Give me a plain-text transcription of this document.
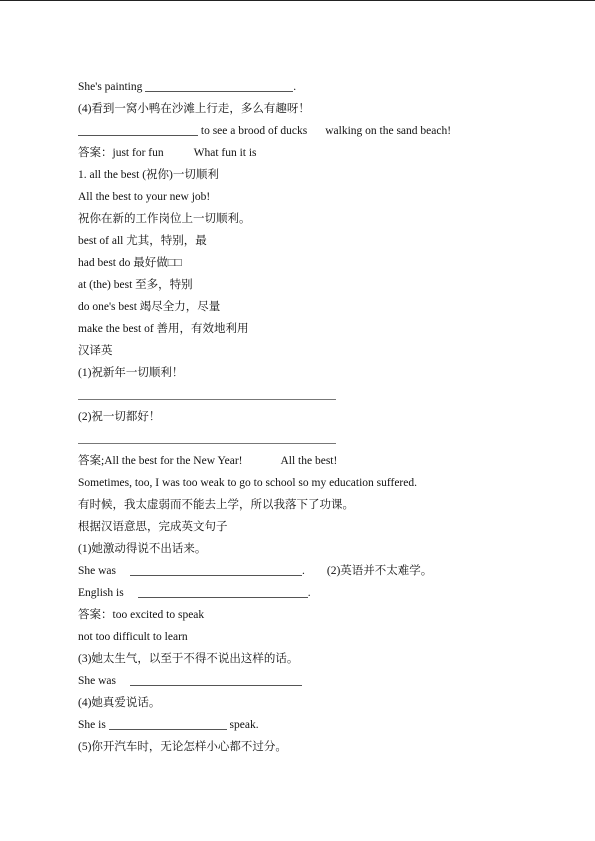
She's painting	.
(4)看到一窝小鸭在沙滩上行走，多么有趣呀！
to see a brood of ducks walking on the sand beach!
答案：just for fun	What fun it is
1. all the best (祝你)一切顺利
All the best to your new job!
祝你在新的工作岗位上一切顺利。
best of all 尤其，特别，最
had best do 最好做□□
at (the) best 至多，特别
do one's best 竭尽全力，尽量
make the best of 善用，有效地利用
汉译英
(1)祝新年一切顺利！
(2)祝一切都好！
答案;All the best for the New Year!	All the best!
Sometimes, too, I was too weak to go to school so my education suffered.
有时候，我太虚弱而不能去上学，所以我落下了功课。
根据汉语意思，完成英文句子
(1)她激动得说不出话来。
She was	. (2)英语并不太难学。
English is	.
答案：too excited to speak
not too difficult to learn
(3)她太生气，以至于不得不说出这样的话。
She was
(4)她真爱说话。
She is	speak.
(5)你开汽车时，无论怎样小心都不过分。
